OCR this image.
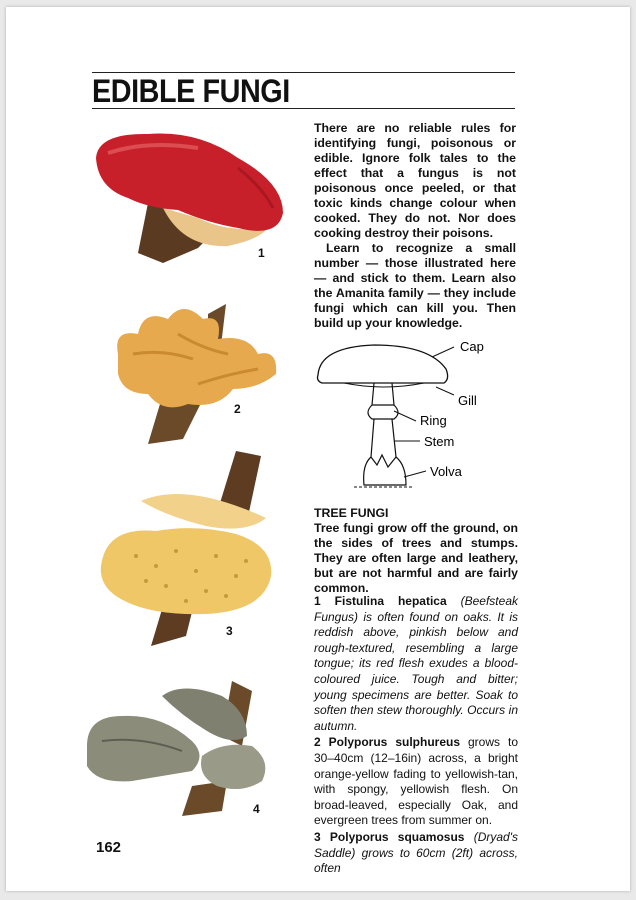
EDIBLE FUNGI
1
2
3
4

There are no reliable rules for identifying fungi, poisonous or edible. Ignore folk tales to the effect that a fungus is not poisonous once peeled, or that toxic kinds change colour when cooked. They do not. Nor does cooking destroy their poisons.

Learn to recognize a small number — those illustrated here — and stick to them. Learn also the Amanita family — they include fungi which can kill you. Then build up your knowledge.

Cap
Gill
Ring
Stem
Volva
TREE FUNGI

Tree fungi grow off the ground, on the sides of trees and stumps. They are often large and leathery, but are not harmful and are fairly common.

1 Fistulina hepatica (Beefsteak Fungus) is often found on oaks. It is reddish above, pinkish below and rough-textured, resembling a large tongue; its red flesh exudes a blood-coloured juice. Tough and bitter; young specimens are better. Soak to soften then stew thoroughly. Occurs in autumn.

2 Polyporus sulphureus grows to 30–40cm (12–16in) across, a bright orange-yellow fading to yellowish-tan, with spongy, yellowish flesh. On broad-leaved, especially Oak, and evergreen trees from summer on.

3 Polyporus squamosus (Dryad's Saddle) grows to 60cm (2ft) across, often

162
